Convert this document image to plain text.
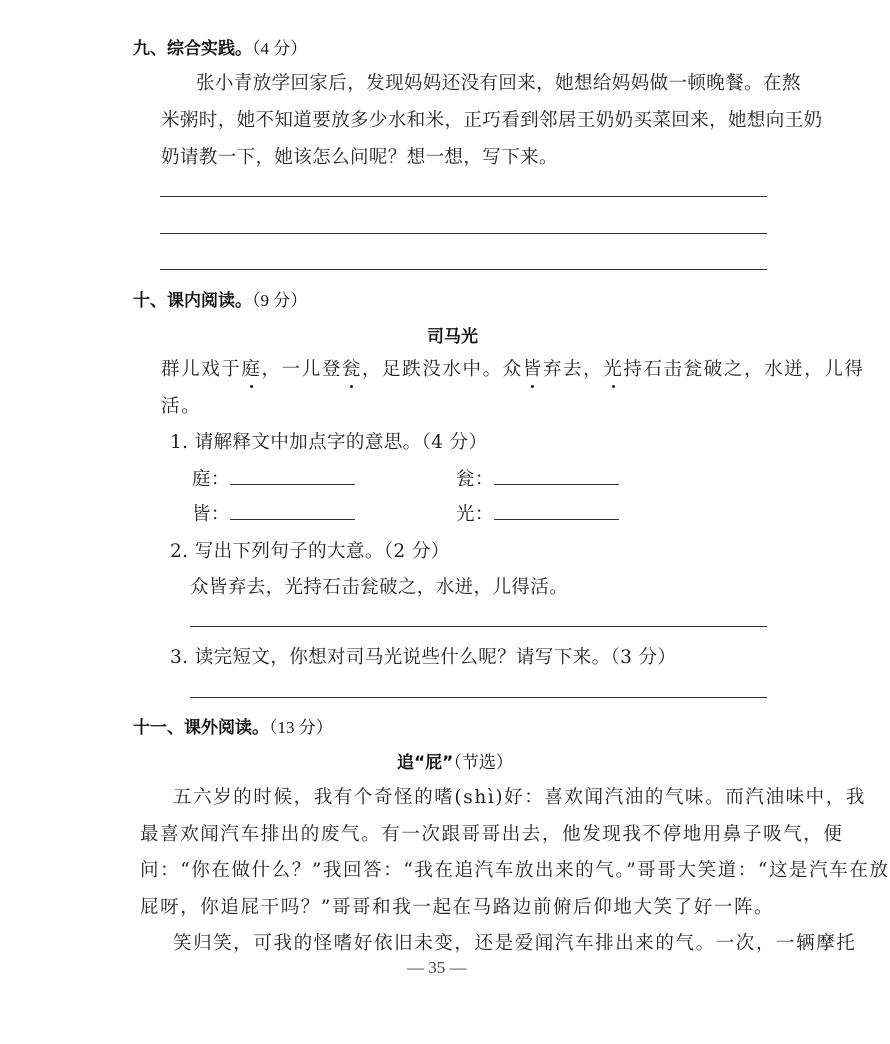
九、综合实践。（4 分）
张小青放学回家后，发现妈妈还没有回来，她想给妈妈做一顿晚餐。在熬
米粥时，她不知道要放多少水和米，正巧看到邻居王奶奶买菜回来，她想向王奶
奶请教一下，她该怎么问呢？想一想，写下来。
十、课内阅读。（9 分）
司马光
群儿戏于庭，一儿登瓮，足跌没水中。众皆弃去，光持石击瓮破之，水迸，儿得
活。
1. 请解释文中加点字的意思。（4 分）
庭：	瓮：
皆：	光：
2. 写出下列句子的大意。（2 分）
众皆弃去，光持石击瓮破之，水迸，儿得活。
3. 读完短文，你想对司马光说些什么呢？请写下来。（3 分）
十一、课外阅读。（13 分）
追“屁”（节选）
五六岁的时候，我有个奇怪的嗜(shì)好：喜欢闻汽油的气味。而汽油味中，我
最喜欢闻汽车排出的废气。有一次跟哥哥出去，他发现我不停地用鼻子吸气，便
问：“你在做什么？”我回答：“我在追汽车放出来的气。”哥哥大笑道：“这是汽车在放
屁呀，你追屁干吗？”哥哥和我一起在马路边前俯后仰地大笑了好一阵。
笑归笑，可我的怪嗜好依旧未变，还是爱闻汽车排出来的气。一次，一辆摩托
— 35 —
